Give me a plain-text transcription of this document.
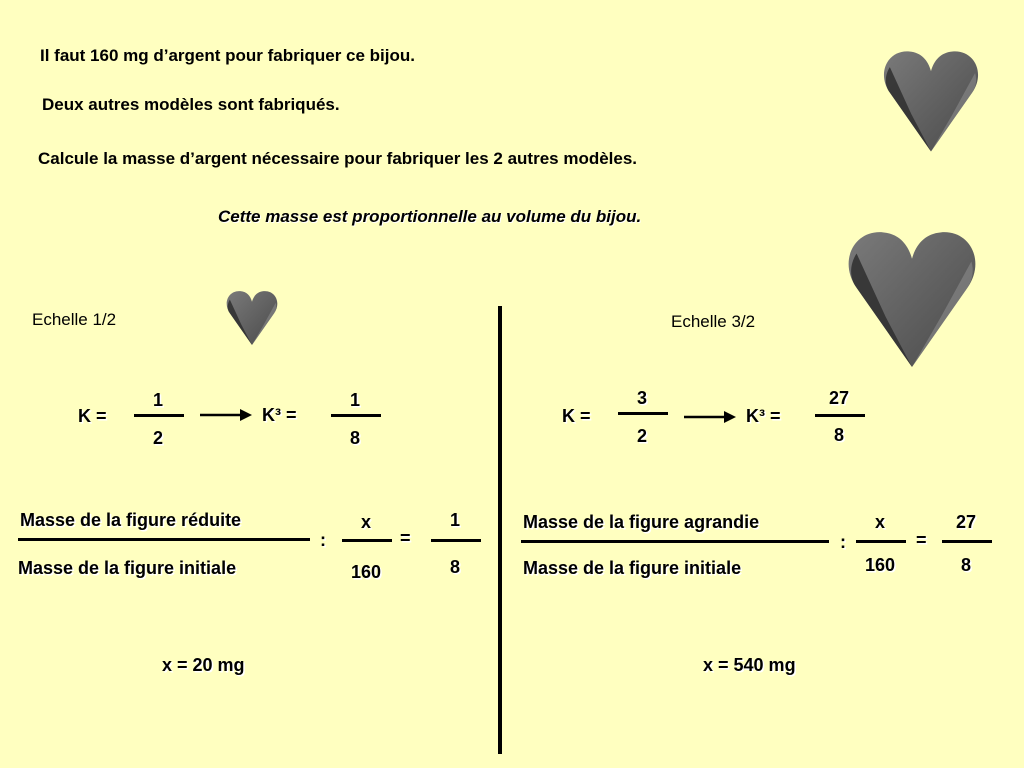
Il faut 160 mg d’argent pour fabriquer ce bijou.
Deux autres modèles sont fabriqués.
Calcule la masse d’argent nécessaire pour fabriquer les 2 autres modèles.
Cette masse est proportionnelle au volume du bijou.
Echelle 1/2
K =
1
2
K³ =
1
8
Masse de la figure réduite
Masse de la figure initiale
:
x
160
=
1
8
x = 20 mg
Echelle 3/2
K =
3
2
K³ =
27
8
Masse de la figure agrandie
Masse de la figure initiale
:
x
160
=
27
8
x = 540 mg
